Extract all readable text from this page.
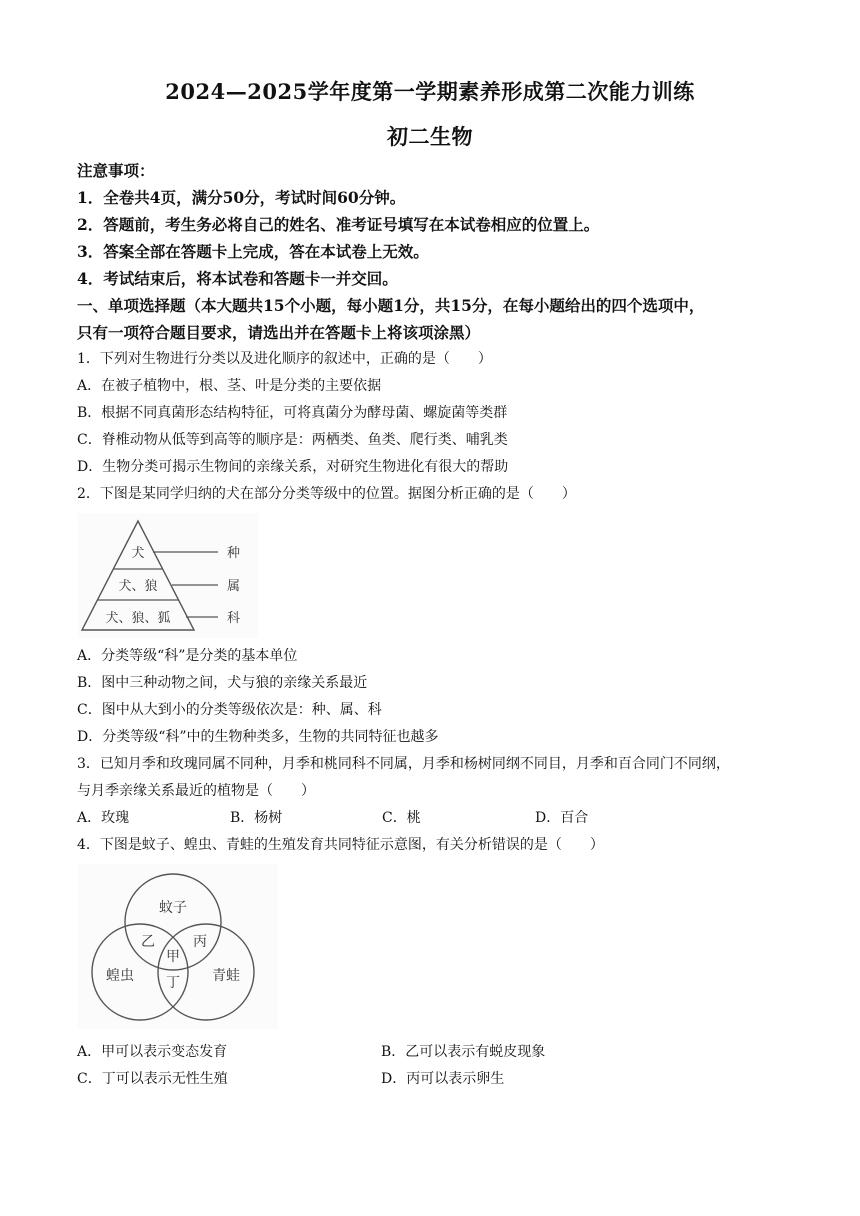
2024—2025学年度第一学期素养形成第二次能力训练
初二生物
注意事项：
1．全卷共4页，满分50分，考试时间60分钟。
2．答题前，考生务必将自己的姓名、准考证号填写在本试卷相应的位置上。
3．答案全部在答题卡上完成，答在本试卷上无效。
4．考试结束后，将本试卷和答题卡一并交回。
一、单项选择题（本大题共15个小题，每小题1分，共15分，在每小题给出的四个选项中，
只有一项符合题目要求，请选出并在答题卡上将该项涂黑）
1．下列对生物进行分类以及进化顺序的叙述中，正确的是（　　）
A．在被子植物中，根、茎、叶是分类的主要依据
B．根据不同真菌形态结构特征，可将真菌分为酵母菌、螺旋菌等类群
C．脊椎动物从低等到高等的顺序是：两栖类、鱼类、爬行类、哺乳类
D．生物分类可揭示生物间的亲缘关系，对研究生物进化有很大的帮助
2．下图是某同学归纳的犬在部分分类等级中的位置。据图分析正确的是（　　）
犬
犬、狼
犬、狼、狐
种
属
科
A．分类等级“科”是分类的基本单位
B．图中三种动物之间，犬与狼的亲缘关系最近
C．图中从大到小的分类等级依次是：种、属、科
D．分类等级“科”中的生物种类多，生物的共同特征也越多
3．已知月季和玫瑰同属不同种，月季和桃同科不同属，月季和杨树同纲不同目，月季和百合同门不同纲，
与月季亲缘关系最近的植物是（　　）
A．玫瑰	B．杨树	C．桃	D．百合
4．下图是蚊子、蝗虫、青蛙的生殖发育共同特征示意图，有关分析错误的是（　　）
蚊子
蝗虫	青蛙
甲
乙	丙
丁
A．甲可以表示变态发育	B．乙可以表示有蜕皮现象
C．丁可以表示无性生殖	D．丙可以表示卵生
